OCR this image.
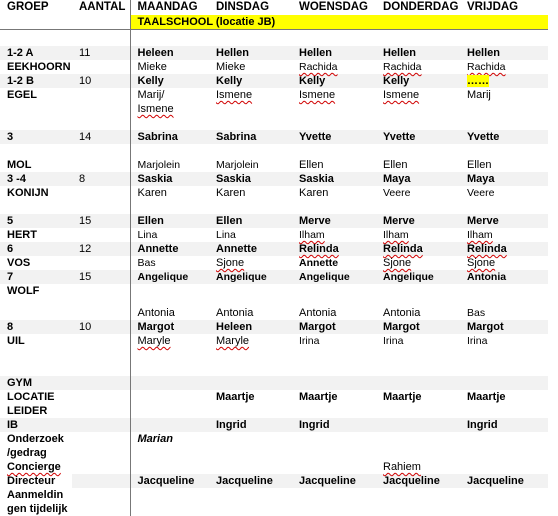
GROEP	AANTAL	MAANDAG	DINSDAG	WOENSDAG	DONDERDAG	VRIJDAG
		TAALSCHOOL (locatie JB)				

1-2 A	11	Heleen	Hellen	Hellen	Hellen	Hellen
EEKHOORN		Mieke	Mieke	Rachida	Rachida	Rachida
1-2 B	10	Kelly	Kelly	Kelly	Kelly	……
EGEL		Marij/	Ismene	Ismene	Ismene	Marij
		Ismene				

3	14	Sabrina	Sabrina	Yvette	Yvette	Yvette

MOL		Marjolein	Marjolein	Ellen	Ellen	Ellen
3 -4	8	Saskia	Saskia	Saskia	Maya	Maya
KONIJN		Karen	Karen	Karen	Veere	Veere

5	15	Ellen	Ellen	Merve	Merve	Merve
HERT		Lina	Lina	Ilham	Ilham	Ilham
6	12	Annette	Annette	Relinda	Relinda	Relinda
VOS		Bas	Sjone	Annette	Sjone	Sjone
7	15	Angelique	Angelique	Angelique	Angelique	Antonia
WOLF						

		Antonia	Antonia	Antonia	Antonia	Bas
8	10	Margot	Heleen	Margot	Margot	Margot
UIL		Maryle	Maryle	Irina	Irina	Irina

GYM						
LOCATIE			Maartje	Maartje	Maartje	Maartje
LEIDER						
IB			Ingrid	Ingrid		Ingrid
Onderzoek		Marian				
/gedrag						
Concierge					Rahiem	
Directeur		Jacqueline	Jacqueline	Jacqueline	Jacqueline	Jacqueline
Aanmeldin						
gen tijdelijk						
